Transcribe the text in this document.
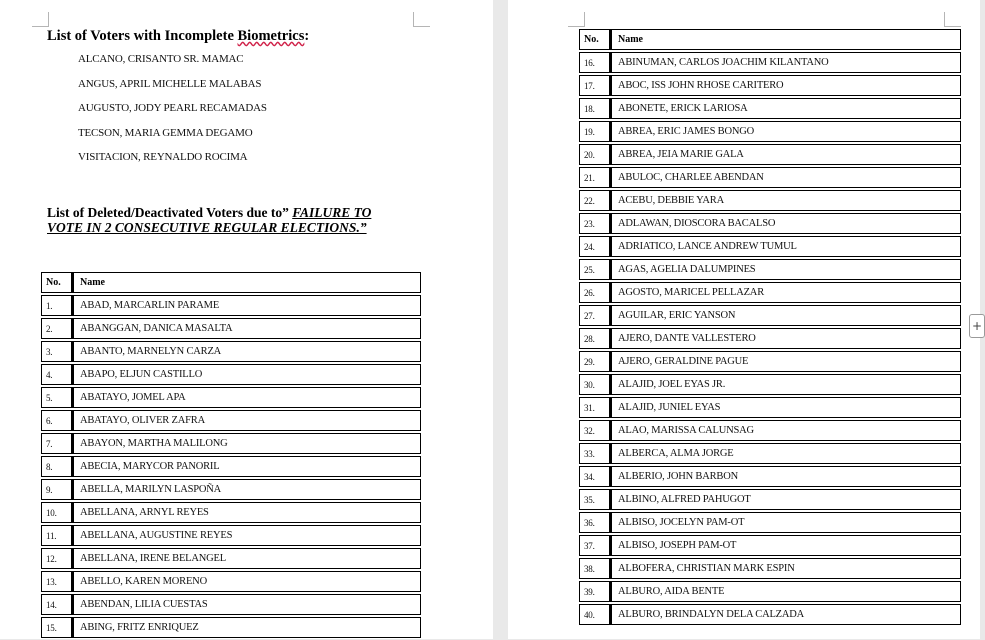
List of Voters with Incomplete Biometrics:
ALCANO, CRISANTO SR. MAMAC
ANGUS, APRIL MICHELLE MALABAS
AUGUSTO, JODY PEARL RECAMADAS
TECSON, MARIA GEMMA DEGAMO
VISITACION, REYNALDO ROCIMA
List of Deleted/Deactivated Voters due to” FAILURE TO VOTE IN 2 CONSECUTIVE REGULAR ELECTIONS.”
No.	Name
1.	ABAD, MARCARLIN PARAME
2.	ABANGGAN, DANICA MASALTA
3.	ABANTO, MARNELYN CARZA
4.	ABAPO, ELJUN CASTILLO
5.	ABATAYO, JOMEL APA
6.	ABATAYO, OLIVER ZAFRA
7.	ABAYON, MARTHA MALILONG
8.	ABECIA, MARYCOR PANORIL
9.	ABELLA, MARILYN LASPOÑA
10.	ABELLANA, ARNYL REYES
11.	ABELLANA, AUGUSTINE REYES
12.	ABELLANA, IRENE BELANGEL
13.	ABELLO, KAREN MORENO
14.	ABENDAN, LILIA CUESTAS
15.	ABING, FRITZ ENRIQUEZ
No.	Name
16.	ABINUMAN, CARLOS JOACHIM KILANTANO
17.	ABOC, ISS JOHN RHOSE CARITERO
18.	ABONETE, ERICK LARIOSA
19.	ABREA, ERIC JAMES BONGO
20.	ABREA, JEIA MARIE GALA
21.	ABULOC, CHARLEE ABENDAN
22.	ACEBU, DEBBIE YARA
23.	ADLAWAN, DIOSCORA BACALSO
24.	ADRIATICO, LANCE ANDREW TUMUL
25.	AGAS, AGELIA DALUMPINES
26.	AGOSTO, MARICEL PELLAZAR
27.	AGUILAR, ERIC YANSON
28.	AJERO, DANTE VALLESTERO
29.	AJERO, GERALDINE PAGUE
30.	ALAJID, JOEL EYAS JR.
31.	ALAJID, JUNIEL EYAS
32.	ALAO, MARISSA CALUNSAG
33.	ALBERCA, ALMA JORGE
34.	ALBERIO, JOHN BARBON
35.	ALBINO, ALFRED PAHUGOT
36.	ALBISO, JOCELYN PAM-OT
37.	ALBISO, JOSEPH PAM-OT
38.	ALBOFERA, CHRISTIAN MARK ESPIN
39.	ALBURO, AIDA BENTE
40.	ALBURO, BRINDALYN DELA CALZADA
+
